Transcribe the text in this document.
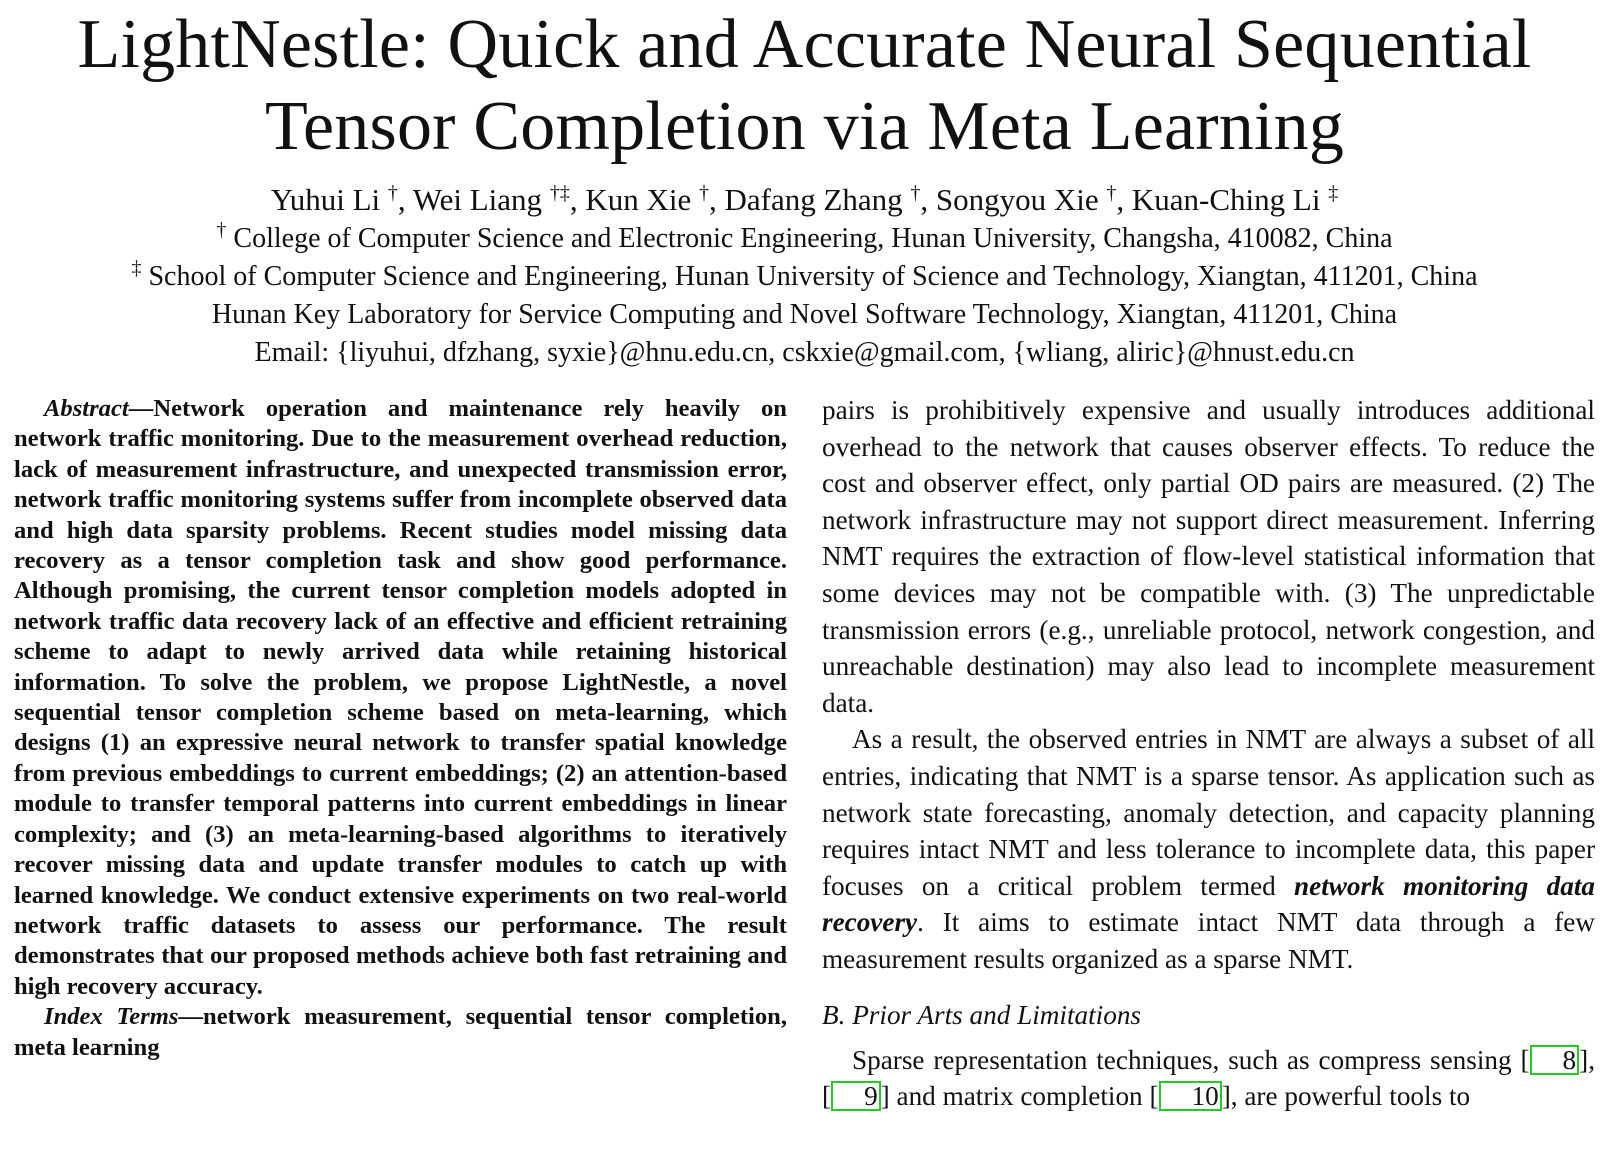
LightNestle: Quick and Accurate Neural Sequential
Tensor Completion via Meta Learning
Yuhui Li †, Wei Liang †‡, Kun Xie †, Dafang Zhang †, Songyou Xie †, Kuan-Ching Li ‡
† College of Computer Science and Electronic Engineering, Hunan University, Changsha, 410082, China
‡ School of Computer Science and Engineering, Hunan University of Science and Technology, Xiangtan, 411201, China
Hunan Key Laboratory for Service Computing and Novel Software Technology, Xiangtan, 411201, China
Email: {liyuhui, dfzhang, syxie}@hnu.edu.cn, cskxie@gmail.com, {wliang, aliric}@hnust.edu.cn

Abstract—Network operation and maintenance rely heavily on network traffic monitoring. Due to the measurement overhead reduction, lack of measurement infrastructure, and unexpected transmission error, network traffic monitoring systems suffer from incomplete observed data and high data sparsity problems. Recent studies model missing data recovery as a tensor completion task and show good performance. Although promising, the current tensor completion models adopted in network traffic data recovery lack of an effective and efficient retraining scheme to adapt to newly arrived data while retaining historical information. To solve the problem, we propose LightNestle, a novel sequential tensor completion scheme based on meta-learning, which designs (1) an expressive neural network to transfer spatial knowledge from previous embeddings to current embeddings; (2) an attention-based module to transfer temporal patterns into current embeddings in linear complexity; and (3) an meta-learning-based algorithms to iteratively recover missing data and update transfer modules to catch up with learned knowledge. We conduct extensive experiments on two real-world network traffic datasets to assess our performance. The result demonstrates that our proposed methods achieve both fast retraining and high recovery accuracy.

Index Terms—network measurement, sequential tensor completion, meta learning

pairs is prohibitively expensive and usually introduces additional overhead to the network that causes observer effects. To reduce the cost and observer effect, only partial OD pairs are measured. (2) The network infrastructure may not support direct measurement. Inferring NMT requires the extraction of flow-level statistical information that some devices may not be compatible with. (3) The unpredictable transmission errors (e.g., unreliable protocol, network congestion, and unreachable destination) may also lead to incomplete measurement data.

As a result, the observed entries in NMT are always a subset of all entries, indicating that NMT is a sparse tensor. As application such as network state forecasting, anomaly detection, and capacity planning requires intact NMT and less tolerance to incomplete data, this paper focuses on a critical problem termed network monitoring data recovery. It aims to estimate intact NMT data through a few measurement results organized as a sparse NMT.

B. Prior Arts and Limitations

Sparse representation techniques, such as compress sensing [ 8 ], [ 9 ] and matrix completion [ 10 ], are powerful tools to
